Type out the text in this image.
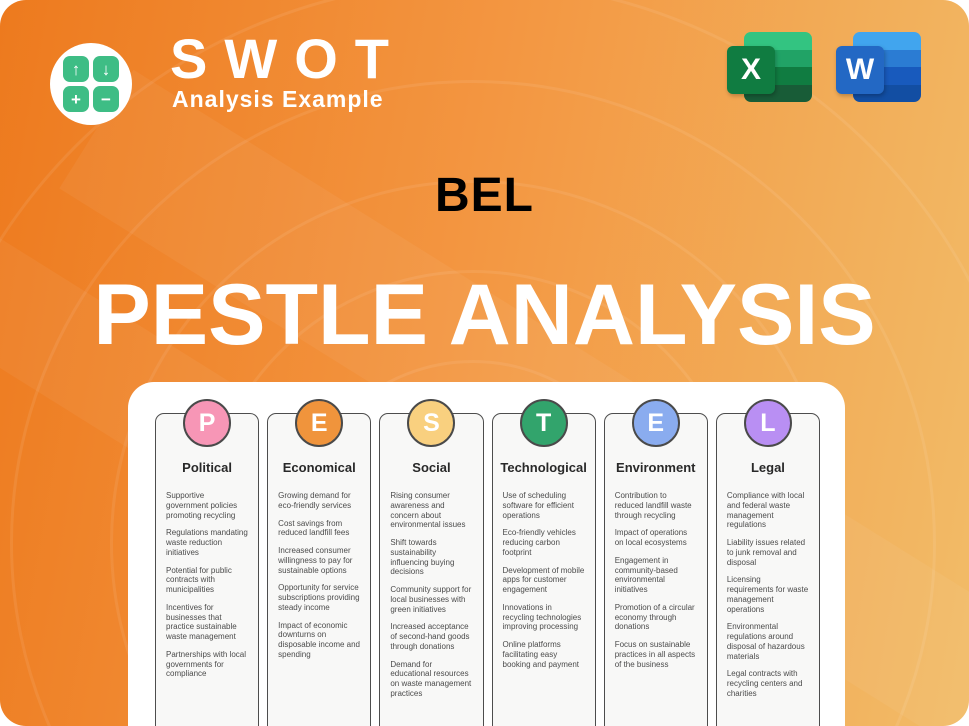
↑	↓
+	−
SWOT
Analysis Example
X	W
BEL
PESTLE ANALYSIS
P
Political

Supportive government policies promoting recycling

Regulations mandating waste reduction initiatives

Potential for public contracts with municipalities

Incentives for businesses that practice sustainable waste management

Partnerships with local governments for compliance

E
Economical

Growing demand for eco-friendly services

Cost savings from reduced landfill fees

Increased consumer willingness to pay for sustainable options

Opportunity for service subscriptions providing steady income

Impact of economic downturns on disposable income and spending

S
Social

Rising consumer awareness and concern about environmental issues

Shift towards sustainability influencing buying decisions

Community support for local businesses with green initiatives

Increased acceptance of second-hand goods through donations

Demand for educational resources on waste management practices

T
Technological

Use of scheduling software for efficient operations

Eco-friendly vehicles reducing carbon footprint

Development of mobile apps for customer engagement

Innovations in recycling technologies improving processing

Online platforms facilitating easy booking and payment

E
Environment

Contribution to reduced landfill waste through recycling

Impact of operations on local ecosystems

Engagement in community-based environmental initiatives

Promotion of a circular economy through donations

Focus on sustainable practices in all aspects of the business

L
Legal

Compliance with local and federal waste management regulations

Liability issues related to junk removal and disposal

Licensing requirements for waste management operations

Environmental regulations around disposal of hazardous materials

Legal contracts with recycling centers and charities
